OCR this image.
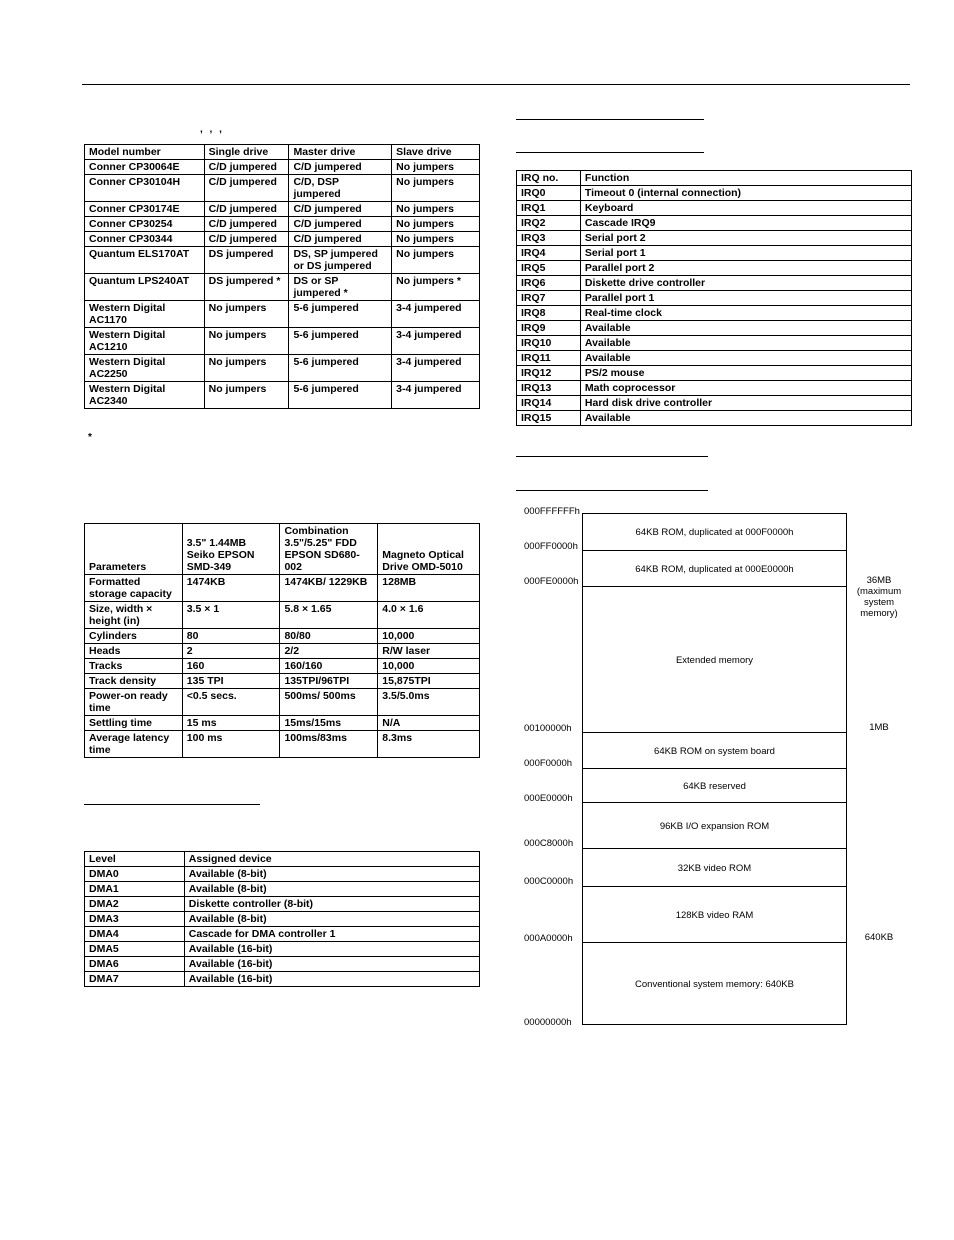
, , ,
Model number	Single drive	Master drive	Slave drive
Conner CP30064E	C/D jumpered	C/D jumpered	No jumpers
Conner CP30104H	C/D jumpered	C/D, DSP jumpered	No jumpers
Conner CP30174E	C/D jumpered	C/D jumpered	No jumpers
Conner CP30254	C/D jumpered	C/D jumpered	No jumpers
Conner CP30344	C/D jumpered	C/D jumpered	No jumpers
Quantum ELS170AT	DS jumpered	DS, SP jumpered or DS jumpered	No jumpers
Quantum LPS240AT	DS jumpered *	DS or SP jumpered *	No jumpers *
Western Digital AC1170	No jumpers	5-6 jumpered	3-4 jumpered
Western Digital AC1210	No jumpers	5-6 jumpered	3-4 jumpered
Western Digital AC2250	No jumpers	5-6 jumpered	3-4 jumpered
Western Digital AC2340	No jumpers	5-6 jumpered	3-4 jumpered
*
IRQ no.	Function
IRQ0	Timeout 0 (internal connection)
IRQ1	Keyboard
IRQ2	Cascade IRQ9
IRQ3	Serial port 2
IRQ4	Serial port 1
IRQ5	Parallel port 2
IRQ6	Diskette drive controller
IRQ7	Parallel port 1
IRQ8	Real-time clock
IRQ9	Available
IRQ10	Available
IRQ11	Available
IRQ12	PS/2 mouse
IRQ13	Math coprocessor
IRQ14	Hard disk drive controller
IRQ15	Available
Parameters	3.5" 1.44MB Seiko EPSON SMD-349	Combination 3.5"/5.25" FDD EPSON SD680-002	Magneto Optical Drive OMD-5010
Formatted storage capacity	1474KB	1474KB/ 1229KB	128MB
Size, width × height (in)	3.5 × 1	5.8 × 1.65	4.0 × 1.6
Cylinders	80	80/80	10,000
Heads	2	2/2	R/W laser
Tracks	160	160/160	10,000
Track density	135 TPI	135TPI/96TPI	15,875TPI
Power-on ready time	<0.5 secs.	500ms/ 500ms	3.5/5.0ms
Settling time	15 ms	15ms/15ms	N/A
Average latency time	100 ms	100ms/83ms	8.3ms
Level	Assigned device
DMA0	Available (8-bit)
DMA1	Available (8-bit)
DMA2	Diskette controller (8-bit)
DMA3	Available (8-bit)
DMA4	Cascade for DMA controller 1
DMA5	Available (16-bit)
DMA6	Available (16-bit)
DMA7	Available (16-bit)
64KB ROM, duplicated at 000F0000h
64KB ROM, duplicated at 000E0000h
Extended memory
64KB ROM on system board
64KB reserved
96KB I/O expansion ROM
32KB video ROM
128KB video RAM
Conventional system memory: 640KB
000FFFFFFh
000FF0000h
000FE0000h
00100000h
000F0000h
000E0000h
000C8000h
000C0000h
000A0000h
00000000h
36MB (maximum system memory)
1MB
640KB
